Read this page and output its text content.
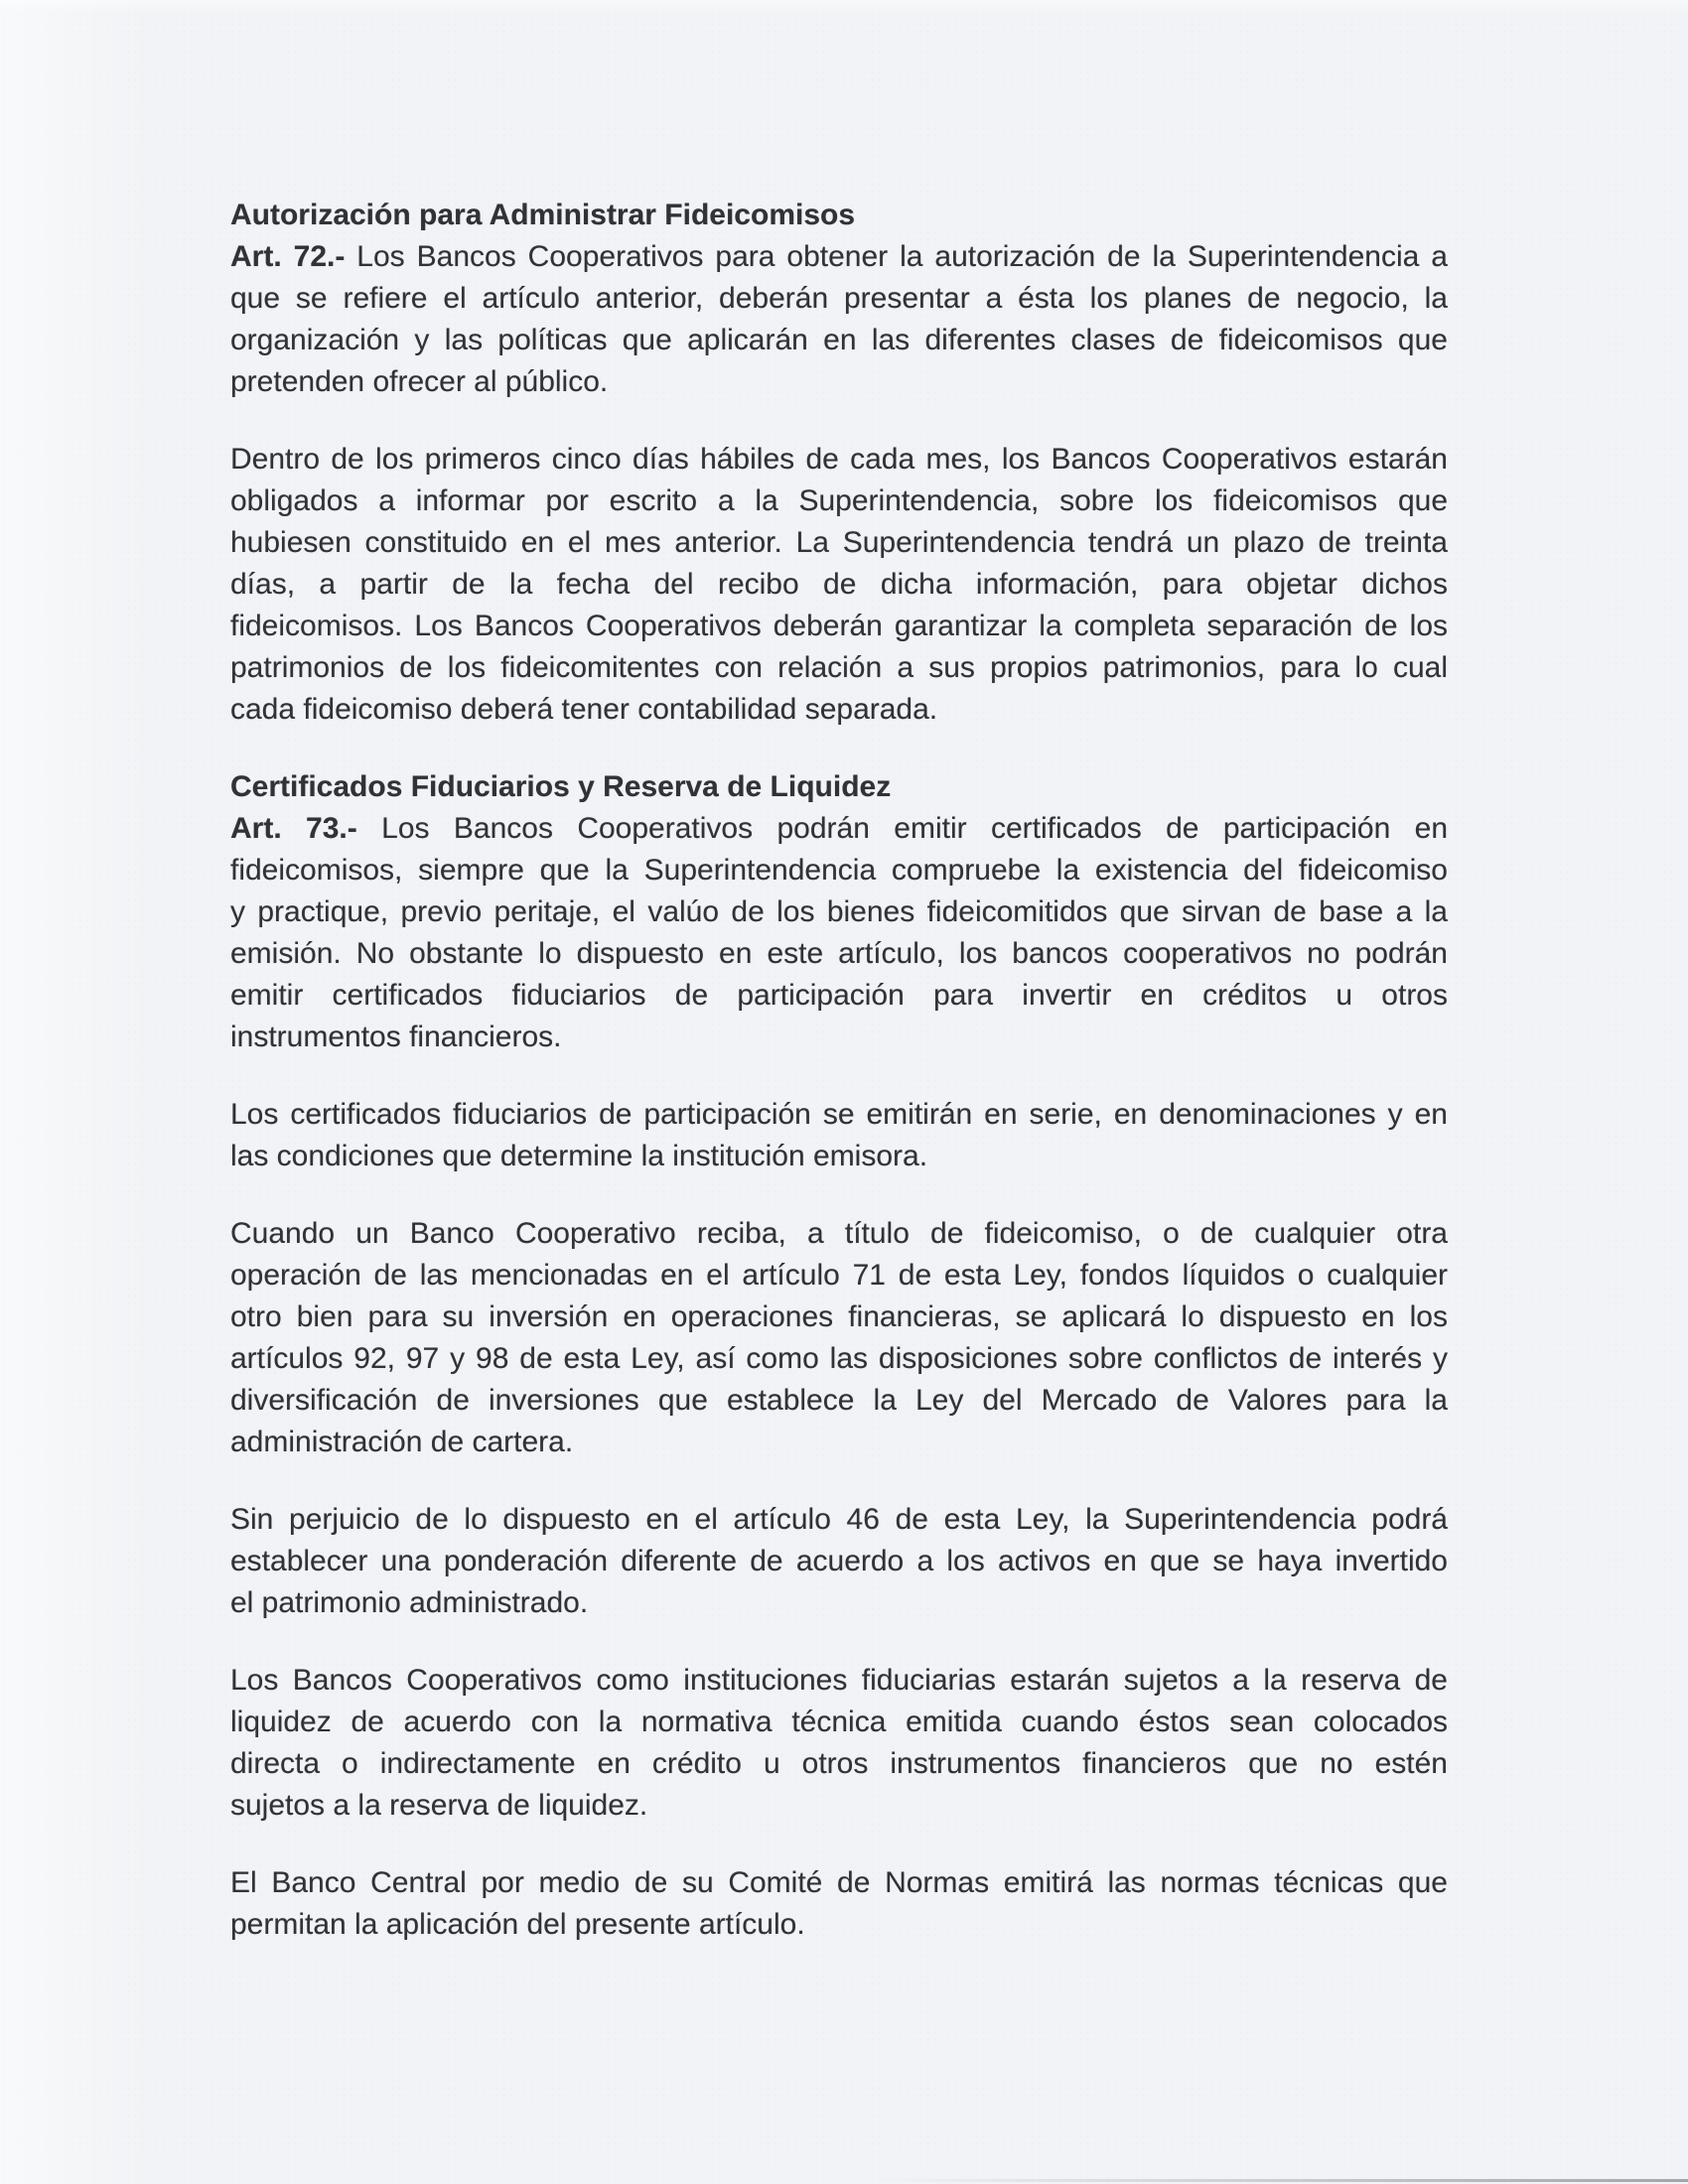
Autorización para Administrar Fideicomisos

Art. 72.- Los Bancos Cooperativos para obtener la autorización de la Superintendencia a
que se refiere el artículo anterior, deberán presentar a ésta los planes de negocio, la
organización y las políticas que aplicarán en las diferentes clases de fideicomisos que
pretenden ofrecer al público.

Dentro de los primeros cinco días hábiles de cada mes, los Bancos Cooperativos estarán
obligados a informar por escrito a la Superintendencia, sobre los fideicomisos que
hubiesen constituido en el mes anterior. La Superintendencia tendrá un plazo de treinta
días, a partir de la fecha del recibo de dicha información, para objetar dichos
fideicomisos. Los Bancos Cooperativos deberán garantizar la completa separación de los
patrimonios de los fideicomitentes con relación a sus propios patrimonios, para lo cual
cada fideicomiso deberá tener contabilidad separada.

Certificados Fiduciarios y Reserva de Liquidez

Art. 73.- Los Bancos Cooperativos podrán emitir certificados de participación en
fideicomisos, siempre que la Superintendencia compruebe la existencia del fideicomiso
y practique, previo peritaje, el valúo de los bienes fideicomitidos que sirvan de base a la
emisión. No obstante lo dispuesto en este artículo, los bancos cooperativos no podrán
emitir certificados fiduciarios de participación para invertir en créditos u otros
instrumentos financieros.

Los certificados fiduciarios de participación se emitirán en serie, en denominaciones y en
las condiciones que determine la institución emisora.

Cuando un Banco Cooperativo reciba, a título de fideicomiso, o de cualquier otra
operación de las mencionadas en el artículo 71 de esta Ley, fondos líquidos o cualquier
otro bien para su inversión en operaciones financieras, se aplicará lo dispuesto en los
artículos 92, 97 y 98 de esta Ley, así como las disposiciones sobre conflictos de interés y
diversificación de inversiones que establece la Ley del Mercado de Valores para la
administración de cartera.

Sin perjuicio de lo dispuesto en el artículo 46 de esta Ley, la Superintendencia podrá
establecer una ponderación diferente de acuerdo a los activos en que se haya invertido
el patrimonio administrado.

Los Bancos Cooperativos como instituciones fiduciarias estarán sujetos a la reserva de
liquidez de acuerdo con la normativa técnica emitida cuando éstos sean colocados
directa o indirectamente en crédito u otros instrumentos financieros que no estén
sujetos a la reserva de liquidez.

El Banco Central por medio de su Comité de Normas emitirá las normas técnicas que
permitan la aplicación del presente artículo.
